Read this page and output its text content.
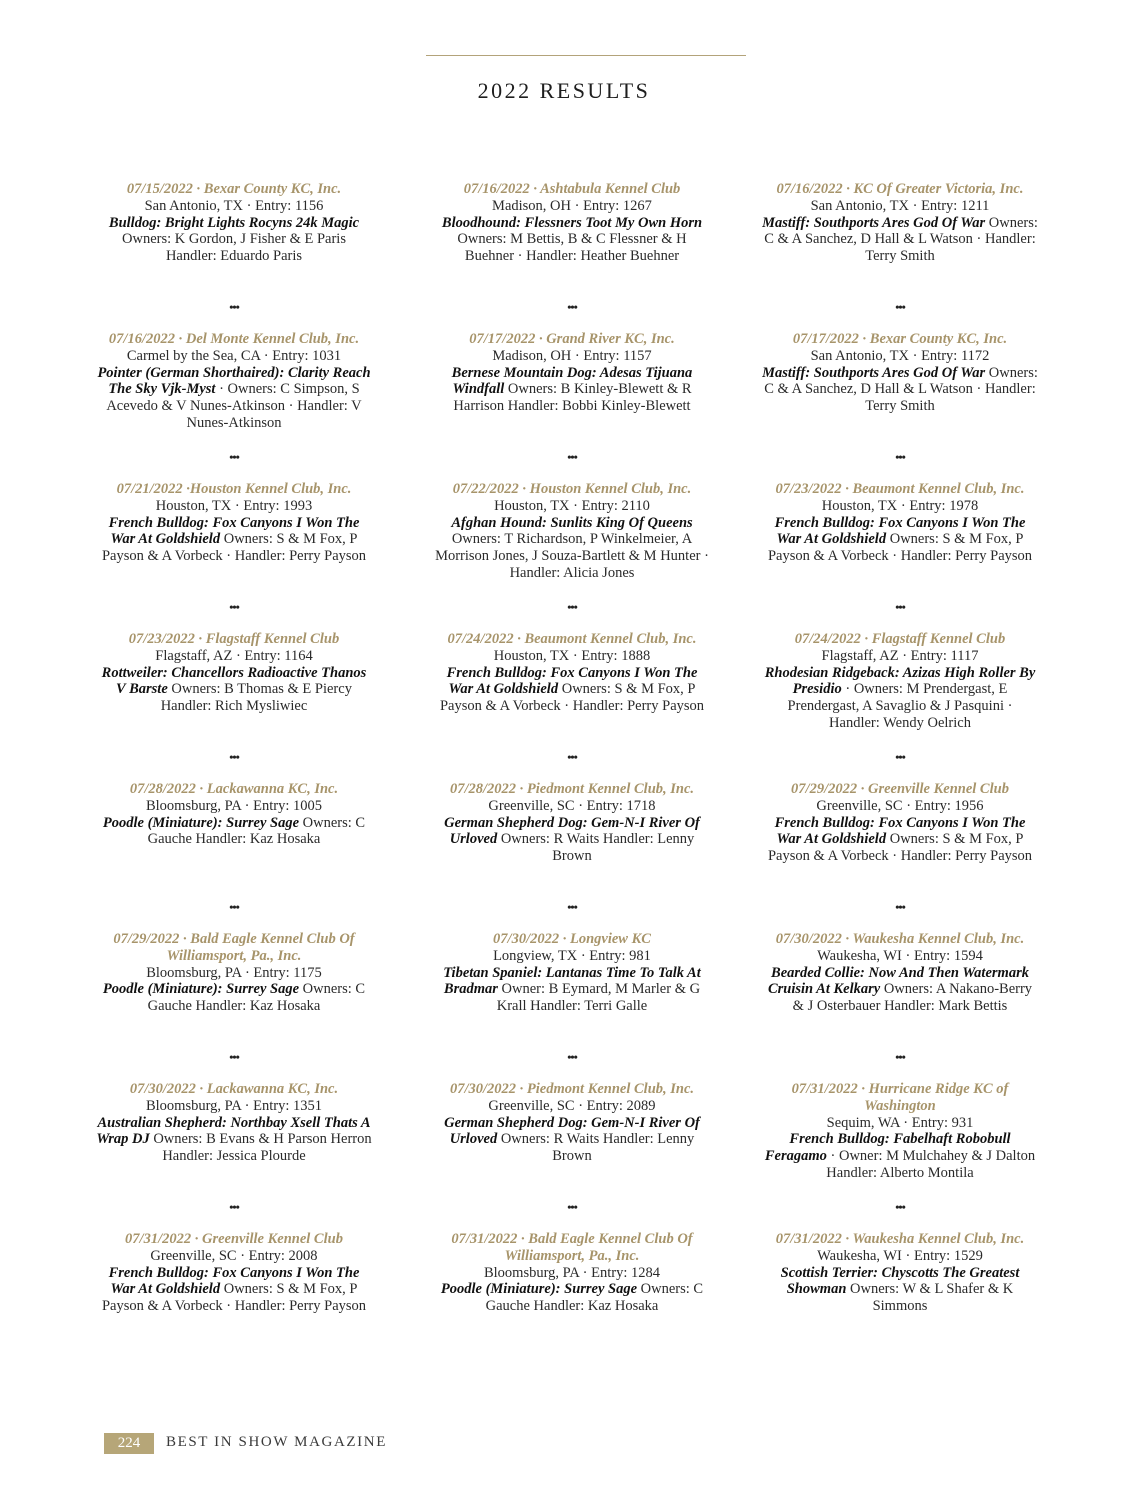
2022 RESULTS
07/15/2022 · Bexar County KC, Inc.
San Antonio, TX · Entry: 1156
Bulldog: Bright Lights Rocyns 24k Magic Owners: K Gordon, J Fisher & E Paris Handler: Eduardo Paris
•••
07/16/2022 · Del Monte Kennel Club, Inc.
Carmel by the Sea, CA · Entry: 1031
Pointer (German Shorthaired): Clarity Reach The Sky Vjk-Myst · Owners: C Simpson, S Acevedo & V Nunes-Atkinson · Handler: V Nunes-Atkinson
•••
07/21/2022 ·Houston Kennel Club, Inc.
Houston, TX · Entry: 1993
French Bulldog: Fox Canyons I Won The War At Goldshield Owners: S & M Fox, P Payson & A Vorbeck · Handler: Perry Payson
•••
07/23/2022 · Flagstaff Kennel Club
Flagstaff, AZ · Entry: 1164
Rottweiler: Chancellors Radioactive Thanos V Barste Owners: B Thomas & E Piercy Handler: Rich Mysliwiec
•••
07/28/2022 · Lackawanna KC, Inc.
Bloomsburg, PA · Entry: 1005
Poodle (Miniature): Surrey Sage Owners: C Gauche Handler: Kaz Hosaka
•••
07/29/2022 · Bald Eagle Kennel Club Of Williamsport, Pa., Inc.
Bloomsburg, PA · Entry: 1175
Poodle (Miniature): Surrey Sage Owners: C Gauche Handler: Kaz Hosaka
•••
07/30/2022 · Lackawanna KC, Inc.
Bloomsburg, PA · Entry: 1351
Australian Shepherd: Northbay Xsell Thats A Wrap DJ Owners: B Evans & H Parson Herron Handler: Jessica Plourde
•••
07/31/2022 · Greenville Kennel Club
Greenville, SC · Entry: 2008
French Bulldog: Fox Canyons I Won The War At Goldshield Owners: S & M Fox, P Payson & A Vorbeck · Handler: Perry Payson
07/16/2022 · Ashtabula Kennel Club
Madison, OH · Entry: 1267
Bloodhound: Flessners Toot My Own Horn Owners: M Bettis, B & C Flessner & H Buehner · Handler: Heather Buehner
•••
07/17/2022 · Grand River KC, Inc.
Madison, OH · Entry: 1157
Bernese Mountain Dog: Adesas Tijuana Windfall Owners: B Kinley-Blewett & R Harrison Handler: Bobbi Kinley-Blewett
•••
07/22/2022 · Houston Kennel Club, Inc.
Houston, TX · Entry: 2110
Afghan Hound: Sunlits King Of Queens Owners: T Richardson, P Winkelmeier, A Morrison Jones, J Souza-Bartlett & M Hunter · Handler: Alicia Jones
•••
07/24/2022 · Beaumont Kennel Club, Inc.
Houston, TX · Entry: 1888
French Bulldog: Fox Canyons I Won The War At Goldshield Owners: S & M Fox, P Payson & A Vorbeck · Handler: Perry Payson
•••
07/28/2022 · Piedmont Kennel Club, Inc.
Greenville, SC · Entry: 1718
German Shepherd Dog: Gem-N-I River Of Urloved Owners: R Waits Handler: Lenny Brown
•••
07/30/2022 · Longview KC
Longview, TX · Entry: 981
Tibetan Spaniel: Lantanas Time To Talk At Bradmar Owner: B Eymard, M Marler & G Krall Handler: Terri Galle
•••
07/30/2022 · Piedmont Kennel Club, Inc.
Greenville, SC · Entry: 2089
German Shepherd Dog: Gem-N-I River Of Urloved Owners: R Waits Handler: Lenny Brown
•••
07/31/2022 · Bald Eagle Kennel Club Of Williamsport, Pa., Inc.
Bloomsburg, PA · Entry: 1284
Poodle (Miniature): Surrey Sage Owners: C Gauche Handler: Kaz Hosaka
07/16/2022 · KC Of Greater Victoria, Inc.
San Antonio, TX · Entry: 1211
Mastiff: Southports Ares God Of War Owners: C & A Sanchez, D Hall & L Watson · Handler: Terry Smith
•••
07/17/2022 · Bexar County KC, Inc.
San Antonio, TX · Entry: 1172
Mastiff: Southports Ares God Of War Owners: C & A Sanchez, D Hall & L Watson · Handler: Terry Smith
•••
07/23/2022 · Beaumont Kennel Club, Inc.
Houston, TX · Entry: 1978
French Bulldog: Fox Canyons I Won The War At Goldshield Owners: S & M Fox, P Payson & A Vorbeck · Handler: Perry Payson
•••
07/24/2022 · Flagstaff Kennel Club
Flagstaff, AZ · Entry: 1117
Rhodesian Ridgeback: Azizas High Roller By Presidio · Owners: M Prendergast, E Prendergast, A Savaglio & J Pasquini · Handler: Wendy Oelrich
•••
07/29/2022 · Greenville Kennel Club
Greenville, SC · Entry: 1956
French Bulldog: Fox Canyons I Won The War At Goldshield Owners: S & M Fox, P Payson & A Vorbeck · Handler: Perry Payson
•••
07/30/2022 · Waukesha Kennel Club, Inc.
Waukesha, WI · Entry: 1594
Bearded Collie: Now And Then Watermark Cruisin At Kelkary Owners: A Nakano-Berry & J Osterbauer Handler: Mark Bettis
•••
07/31/2022 · Hurricane Ridge KC of Washington
Sequim, WA · Entry: 931
French Bulldog: Fabelhaft Robobull Feragamo · Owner: M Mulchahey & J Dalton Handler: Alberto Montila
•••
07/31/2022 · Waukesha Kennel Club, Inc.
Waukesha, WI · Entry: 1529
Scottish Terrier: Chyscotts The Greatest Showman Owners: W & L Shafer & K Simmons
224	BEST IN SHOW MAGAZINE
